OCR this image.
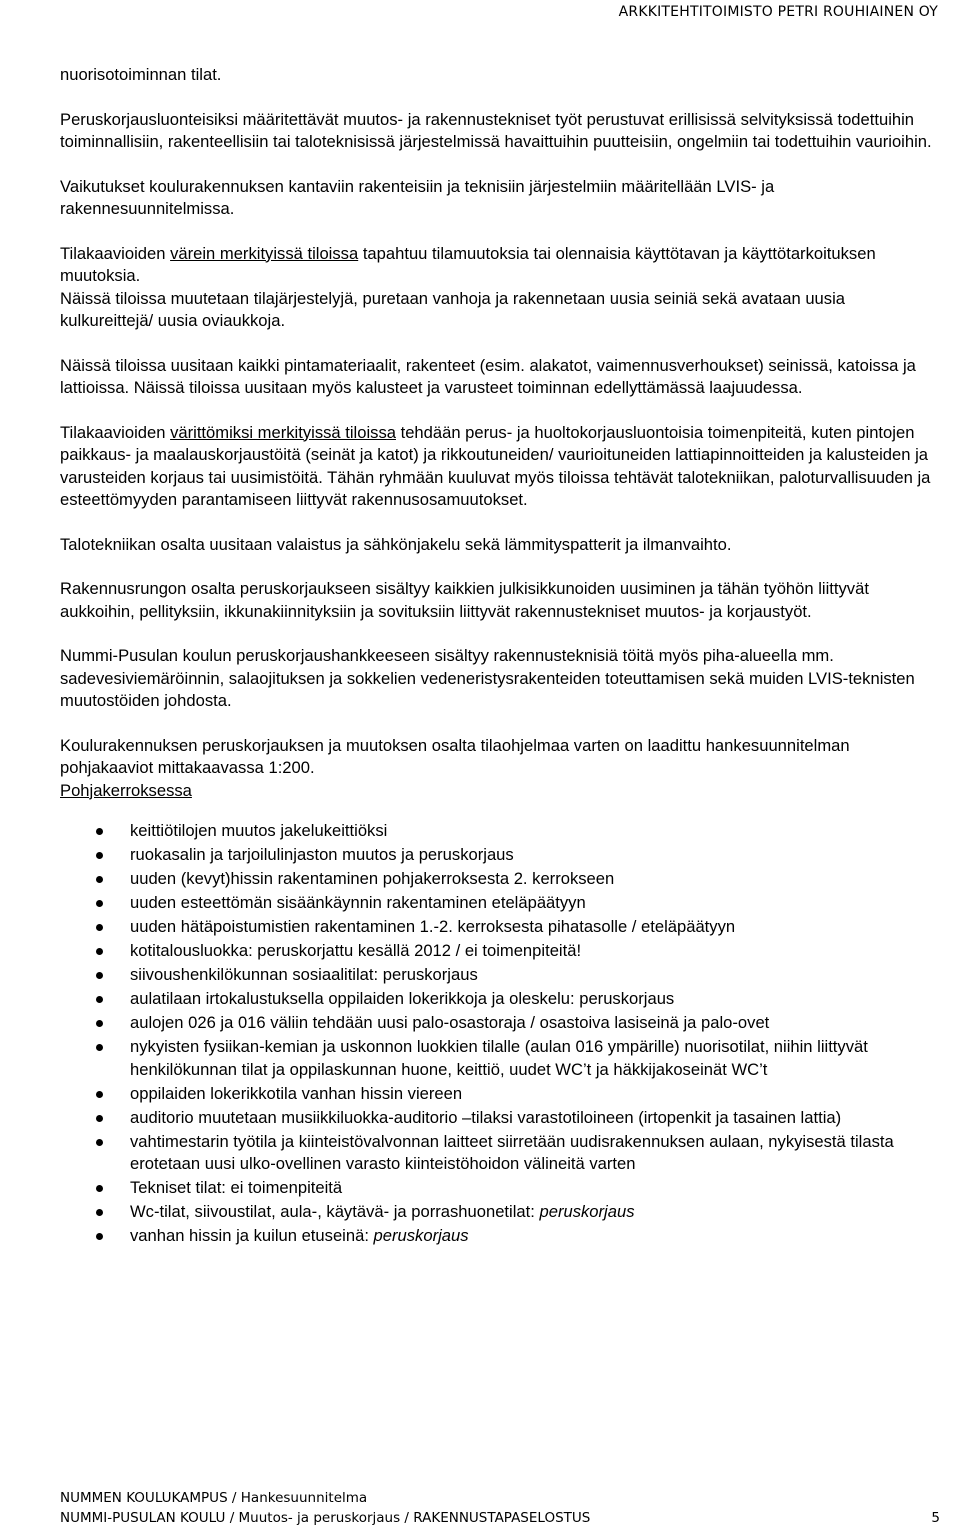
ARKKITEHTITOIMISTO PETRI ROUHIAINEN OY

nuorisotoiminnan tilat.

Peruskorjausluonteisiksi määritettävät muutos- ja rakennustekniset työt perustuvat erillisissä selvityksissä todettuihin toiminnallisiin, rakenteellisiin tai taloteknisissä järjestelmissä havaittuihin puutteisiin, ongelmiin tai todettuihin vaurioihin.

Vaikutukset koulurakennuksen kantaviin rakenteisiin ja teknisiin järjestelmiin määritellään LVIS- ja rakennesuunnitelmissa.

Tilakaavioiden värein merkityissä tiloissa tapahtuu tilamuutoksia tai olennaisia käyttötavan ja käyttötarkoituksen muutoksia.

Näissä tiloissa muutetaan tilajärjestelyjä, puretaan vanhoja ja rakennetaan uusia seiniä sekä avataan uusia kulkureittejä/ uusia oviaukkoja.

Näissä tiloissa uusitaan kaikki pintamateriaalit, rakenteet (esim. alakatot, vaimennusverhoukset) seinissä, katoissa ja lattioissa. Näissä tiloissa uusitaan myös kalusteet ja varusteet toiminnan edellyttämässä laajuudessa.

Tilakaavioiden värittömiksi merkityissä tiloissa tehdään perus- ja huoltokorjausluontoisia toimenpiteitä, kuten pintojen paikkaus- ja maalauskorjaustöitä (seinät ja katot) ja rikkoutuneiden/ vaurioituneiden lattiapinnoitteiden ja kalusteiden ja varusteiden korjaus tai uusimistöitä. Tähän ryhmään kuuluvat myös tiloissa tehtävät talotekniikan, paloturvallisuuden ja esteettömyyden parantamiseen liittyvät rakennusosamuutokset.

Talotekniikan osalta uusitaan valaistus ja sähkönjakelu sekä lämmityspatterit ja ilmanvaihto.

Rakennusrungon osalta peruskorjaukseen sisältyy kaikkien julkisikkunoiden uusiminen ja tähän työhön liittyvät aukkoihin, pellityksiin, ikkunakiinnityksiin ja sovituksiin liittyvät rakennustekniset muutos- ja korjaustyöt.

Nummi-Pusulan koulun peruskorjaushankkeeseen sisältyy rakennusteknisiä töitä myös piha-alueella mm. sadevesiviemäröinnin, salaojituksen ja sokkelien vedeneristysrakenteiden toteuttamisen sekä muiden LVIS-teknisten muutostöiden johdosta.

Koulurakennuksen peruskorjauksen ja muutoksen osalta tilaohjelmaa varten on laadittu hankesuunnitelman pohjakaaviot mittakaavassa 1:200.

Pohjakerroksessa

keittiötilojen muutos jakelukeittiöksi
ruokasalin ja tarjoilulinjaston muutos ja peruskorjaus
uuden (kevyt)hissin rakentaminen pohjakerroksesta 2. kerrokseen
uuden esteettömän sisäänkäynnin rakentaminen eteläpäätyyn
uuden hätäpoistumistien rakentaminen 1.-2. kerroksesta pihatasolle / eteläpäätyyn
kotitalousluokka: peruskorjattu kesällä 2012 / ei toimenpiteitä!
siivoushenkilökunnan sosiaalitilat: peruskorjaus
aulatilaan irtokalustuksella oppilaiden lokerikkoja ja oleskelu: peruskorjaus
aulojen 026 ja 016 väliin tehdään uusi palo-osastoraja / osastoiva lasiseinä ja palo-ovet
nykyisten fysiikan-kemian ja uskonnon luokkien tilalle (aulan 016 ympärille) nuorisotilat, niihin liittyvät henkilökunnan tilat ja oppilaskunnan huone, keittiö, uudet WC’t ja häkkijakoseinät WC’t
oppilaiden lokerikkotila vanhan hissin viereen
auditorio muutetaan musiikkiluokka-auditorio –tilaksi varastotiloineen (irtopenkit ja tasainen lattia)
vahtimestarin työtila ja kiinteistövalvonnan laitteet siirretään uudisrakennuksen aulaan, nykyisestä tilasta erotetaan uusi ulko-ovellinen varasto kiinteistöhoidon välineitä varten
Tekniset tilat: ei toimenpiteitä
Wc-tilat, siivoustilat, aula-, käytävä- ja porrashuonetilat: peruskorjaus
vanhan hissin ja kuilun etuseinä: peruskorjaus
NUMMEN KOULUKAMPUS / Hankesuunnitelma
NUMMI-PUSULAN KOULU / Muutos- ja peruskorjaus / RAKENNUSTAPASELOSTUS	5
